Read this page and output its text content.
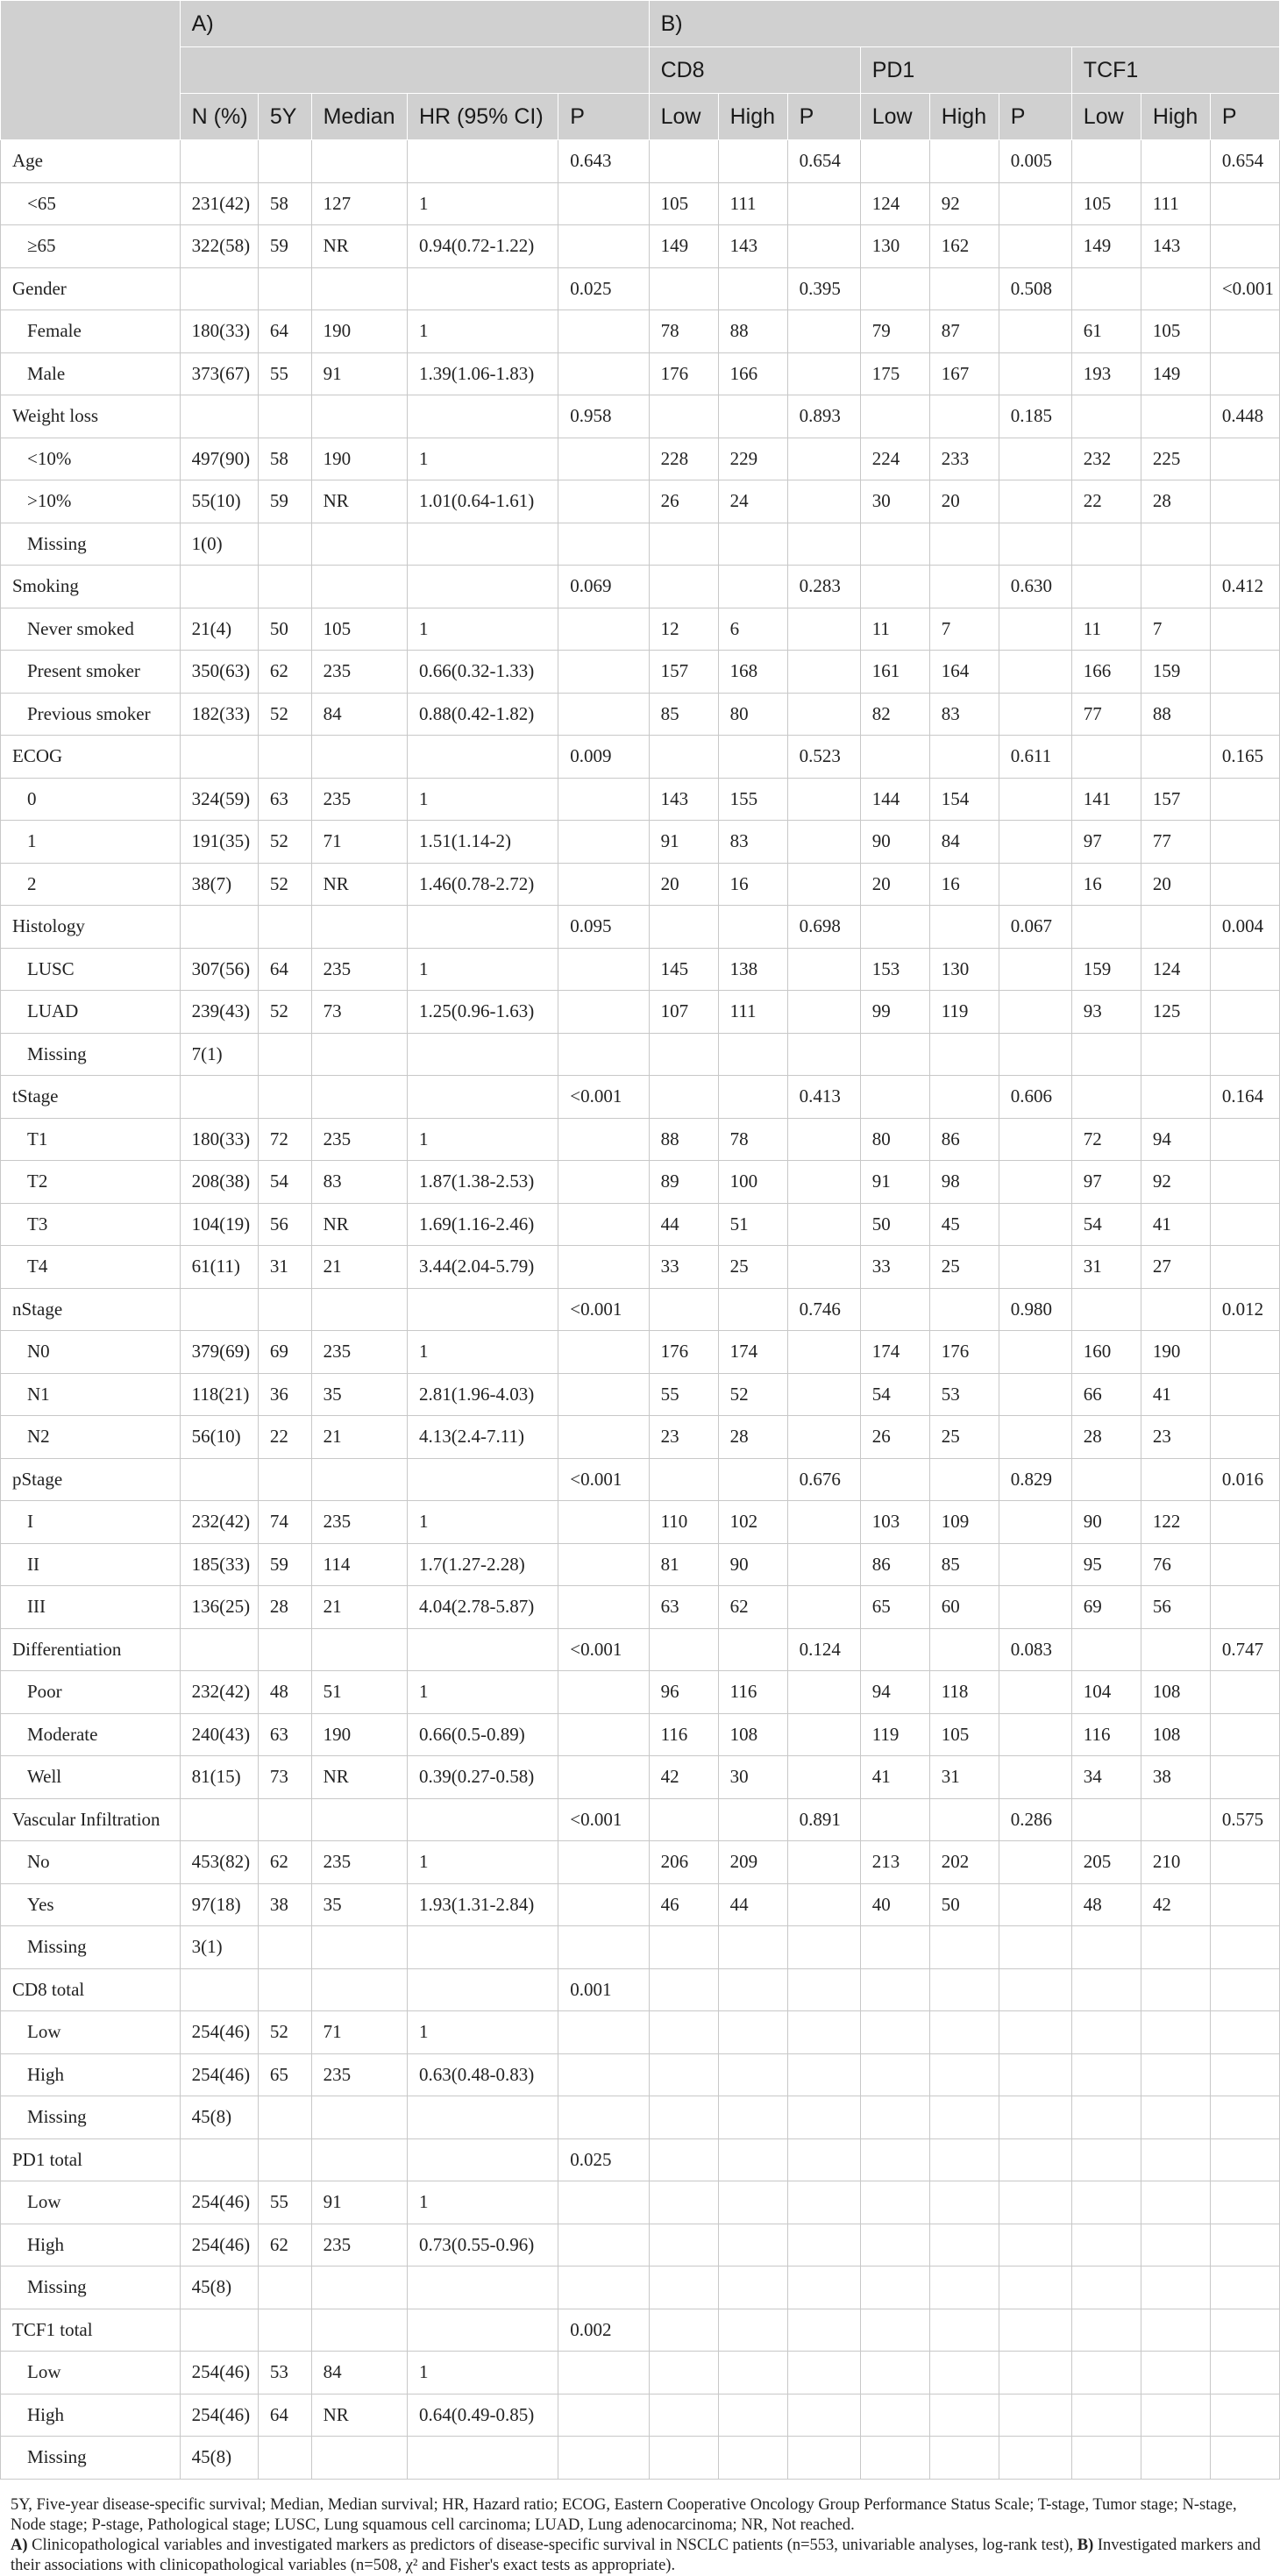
	A)					B)								
						CD8			PD1			TCF1		
	N (%)	5Y	Median	HR (95% CI)	P	Low	High	P	Low	High	P	Low	High	P
Age					0.643			0.654			0.005			0.654
<65	231(42)	58	127	1		105	111		124	92		105	111	
≥65	322(58)	59	NR	0.94(0.72-1.22)		149	143		130	162		149	143	
Gender					0.025			0.395			0.508			<0.001
Female	180(33)	64	190	1		78	88		79	87		61	105	
Male	373(67)	55	91	1.39(1.06-1.83)		176	166		175	167		193	149	
Weight loss					0.958			0.893			0.185			0.448
<10%	497(90)	58	190	1		228	229		224	233		232	225	
>10%	55(10)	59	NR	1.01(0.64-1.61)		26	24		30	20		22	28	
Missing	1(0)													
Smoking					0.069			0.283			0.630			0.412
Never smoked	21(4)	50	105	1		12	6		11	7		11	7	
Present smoker	350(63)	62	235	0.66(0.32-1.33)		157	168		161	164		166	159	
Previous smoker	182(33)	52	84	0.88(0.42-1.82)		85	80		82	83		77	88	
ECOG					0.009			0.523			0.611			0.165
0	324(59)	63	235	1		143	155		144	154		141	157	
1	191(35)	52	71	1.51(1.14-2)		91	83		90	84		97	77	
2	38(7)	52	NR	1.46(0.78-2.72)		20	16		20	16		16	20	
Histology					0.095			0.698			0.067			0.004
LUSC	307(56)	64	235	1		145	138		153	130		159	124	
LUAD	239(43)	52	73	1.25(0.96-1.63)		107	111		99	119		93	125	
Missing	7(1)													
tStage					<0.001			0.413			0.606			0.164
T1	180(33)	72	235	1		88	78		80	86		72	94	
T2	208(38)	54	83	1.87(1.38-2.53)		89	100		91	98		97	92	
T3	104(19)	56	NR	1.69(1.16-2.46)		44	51		50	45		54	41	
T4	61(11)	31	21	3.44(2.04-5.79)		33	25		33	25		31	27	
nStage					<0.001			0.746			0.980			0.012
N0	379(69)	69	235	1		176	174		174	176		160	190	
N1	118(21)	36	35	2.81(1.96-4.03)		55	52		54	53		66	41	
N2	56(10)	22	21	4.13(2.4-7.11)		23	28		26	25		28	23	
pStage					<0.001			0.676			0.829			0.016
I	232(42)	74	235	1		110	102		103	109		90	122	
II	185(33)	59	114	1.7(1.27-2.28)		81	90		86	85		95	76	
III	136(25)	28	21	4.04(2.78-5.87)		63	62		65	60		69	56	
Differentiation					<0.001			0.124			0.083			0.747
Poor	232(42)	48	51	1		96	116		94	118		104	108	
Moderate	240(43)	63	190	0.66(0.5-0.89)		116	108		119	105		116	108	
Well	81(15)	73	NR	0.39(0.27-0.58)		42	30		41	31		34	38	
Vascular Infiltration					<0.001			0.891			0.286			0.575
No	453(82)	62	235	1		206	209		213	202		205	210	
Yes	97(18)	38	35	1.93(1.31-2.84)		46	44		40	50		48	42	
Missing	3(1)													
CD8 total					0.001									
Low	254(46)	52	71	1										
High	254(46)	65	235	0.63(0.48-0.83)										
Missing	45(8)													
PD1 total					0.025									
Low	254(46)	55	91	1										
High	254(46)	62	235	0.73(0.55-0.96)										
Missing	45(8)													
TCF1 total					0.002									
Low	254(46)	53	84	1										
High	254(46)	64	NR	0.64(0.49-0.85)										
Missing	45(8)													

5Y, Five-year disease-specific survival; Median, Median survival; HR, Hazard ratio; ECOG, Eastern Cooperative Oncology Group Performance Status Scale; T-stage, Tumor stage; N-stage, Node stage; P-stage, Pathological stage; LUSC, Lung squamous cell carcinoma; LUAD, Lung adenocarcinoma; NR, Not reached.

A) Clinicopathological variables and investigated markers as predictors of disease-specific survival in NSCLC patients (n=553, univariable analyses, log-rank test), B) Investigated markers and their associations with clinicopathological variables (n=508, χ² and Fisher's exact tests as appropriate).
